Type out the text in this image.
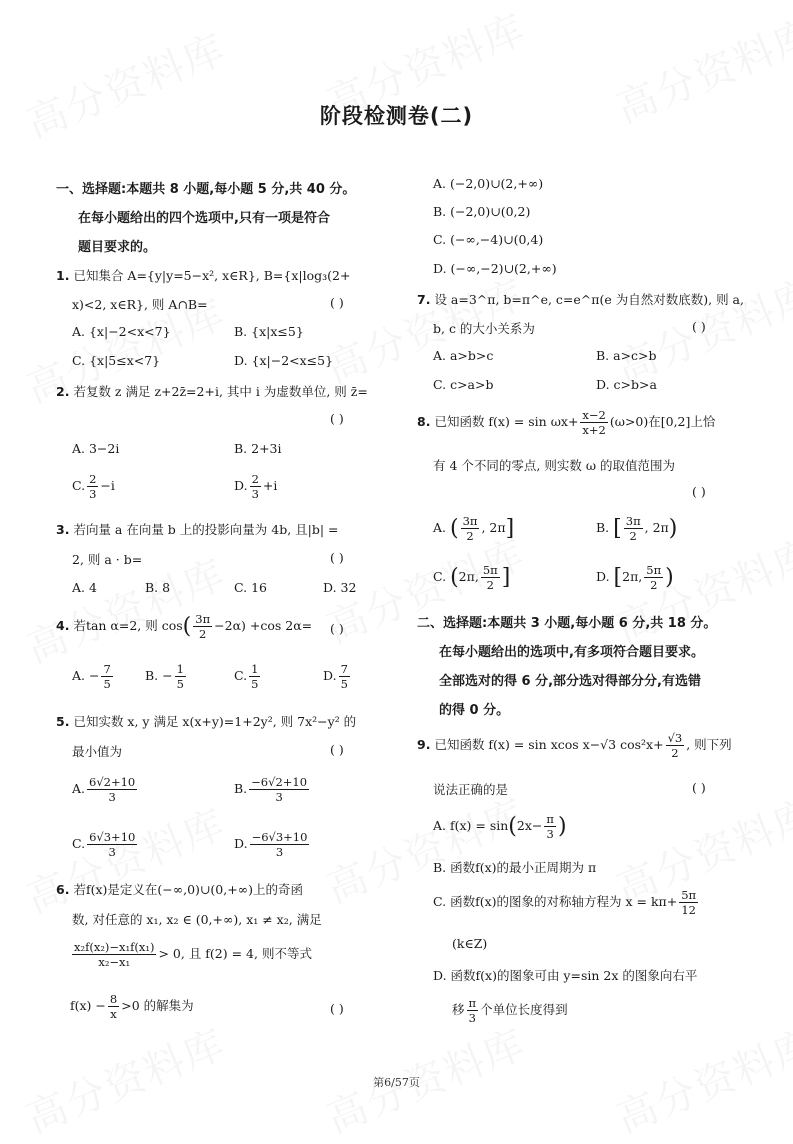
阶段检测卷(二)
一、选择题:本题共 8 小题,每小题 5 分,共 40 分。
在每小题给出的四个选项中,只有一项是符合
题目要求的。
1. 已知集合 A={y|y=5−x², x∈R}, B={x|log₃(2+
x)<2, x∈R}, 则 A∩B=	( )
A. {x|−2<x<7}	B. {x|x≤5}
C. {x|5≤x<7}	D. {x|−2<x≤5}
2. 若复数 z 满足 z+2z̄=2+i, 其中 i 为虚数单位, 则 z̄=
( )
A. 3−2i	B. 2+3i
C. $\frac{2}{3} -i$	D. $\frac{2}{3} +i$
3. 若向量 a 在向量 b 上的投影向量为 4b, 且|b| =
2, 则 a · b=	( )
A. 4	B. 8	C. 16	D. 32
4. 若tan α=2, 则 $\cos( \frac{3\pi}{2} -2\alpha) +\cos$ 2α= ( )
A. − $\frac{7}{5}$	B. − $\frac{1}{5}$	C. $\frac{1}{5}$	D. $\frac{7}{5}$
5. 已知实数 x, y 满足 x(x+y)=1+2y², 则 7x²−y² 的
最小值为	( )
A. $\frac{6√2+10}{3}$	B. $\frac{-6√2+10}{3}$
C. $\frac{6√3+10}{3}$	D. $\frac{-6√3+10}{3}$
6. 若f(x)是定义在(−∞,0)∪(0,+∞)上的奇函
数, 对任意的 x₁, x₂ ∈ (0,+∞), x₁ ≠ x₂, 满足
$\frac{\text{x₂f(x₂)−x₁f(x₁)}}{\text{x₂−x₁}} > 0$, 且 f(2) = 4, 则不等式
$f(x) - \frac{8}{x} >0$ 的解集为	( )
A. (−2,0)∪(2,+∞)
B. (−2,0)∪(0,2)
C. (−∞,−4)∪(0,4)
D. (−∞,−2)∪(2,+∞)
7. 设 a=3^π, b=π^e, c=e^π(e 为自然对数底数), 则 a,
b, c 的大小关系为	( )
A. a>b>c	B. a>c>b
C. c>a>b	D. c>b>a
8. 已知函数 $f(x) = \sin \omega x+ \frac{x-2}{x+2} (\omega>0)$在[0,2]上恰
有 4 个不同的零点, 则实数 ω 的取值范围为
( )
A. ( $\frac{3\pi}{2}$ , 2π]	B. [ $\frac{3\pi}{2}$ , 2π)
C. (2π, $\frac{5\pi}{2}$ ]	D. [2π, $\frac{5\pi}{2}$ )
二、选择题:本题共 3 小题,每小题 6 分,共 18 分。
在每小题给出的选项中,有多项符合题目要求。
全部选对的得 6 分,部分选对得部分分,有选错
的得 0 分。
9. 已知函数 f(x) = sin xcos x−√3 $\cos^2x+ \frac{√3}{2}$ , 则下列
说法正确的是	( )
A. $f(x) = \sin(2x- \frac{\pi}{3}$ )
B. 函数f(x)的最小正周期为 π
C. 函数f(x)的图象的对称轴方程为 $x = k\pi+ \frac{5\pi}{12}$
(k∈Z)
D. 函数f(x)的图象可由 y=sin 2x 的图象向右平
移 $\frac{\pi}{3}$ 个单位长度得到
第6/57页
